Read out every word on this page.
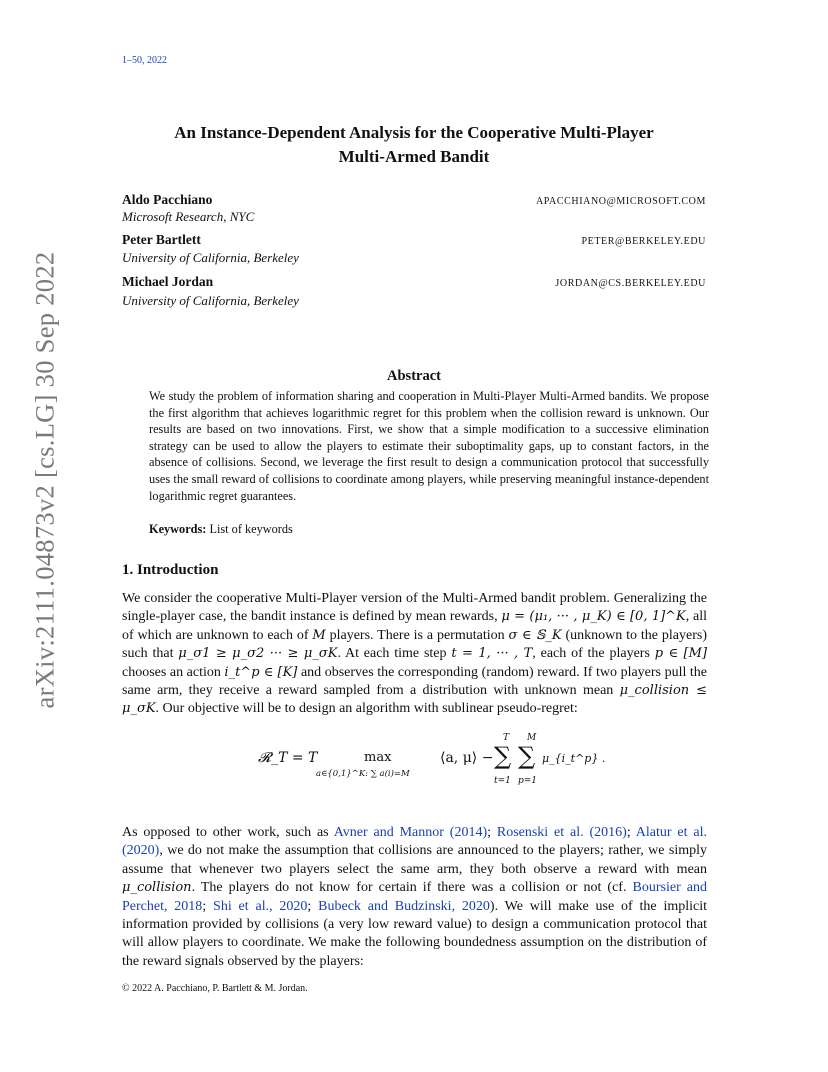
1–50, 2022
An Instance-Dependent Analysis for the Cooperative Multi-Player
Multi-Armed Bandit
Aldo Pacchiano
Microsoft Research, NYC
APACCHIANO@MICROSOFT.COM
Peter Bartlett
University of California, Berkeley
PETER@BERKELEY.EDU
Michael Jordan
University of California, Berkeley
JORDAN@CS.BERKELEY.EDU
arXiv:2111.04873v2 [cs.LG] 30 Sep 2022	Abstract
We study the problem of information sharing and cooperation in Multi-Player Multi-Armed bandits. We propose the first algorithm that achieves logarithmic regret for this problem when the collision reward is unknown. Our results are based on two innovations. First, we show that a simple modification to a successive elimination strategy can be used to allow the players to estimate their suboptimality gaps, up to constant factors, in the absence of collisions. Second, we leverage the first result to design a communication protocol that successfully uses the small reward of collisions to coordinate among players, while preserving meaningful instance-dependent logarithmic regret guarantees.
Keywords: List of keywords
1. Introduction
We consider the cooperative Multi-Player version of the Multi-Armed bandit problem. Generalizing the single-player case, the bandit instance is defined by mean rewards, μ = (μ₁, ··· , μ_K) ∈ [0, 1]^K, all of which are unknown to each of M players. There is a permutation σ ∈ 𝕊_K (unknown to the players) such that μ_σ1 ≥ μ_σ2 ··· ≥ μ_σK. At each time step t = 1, ··· , T, each of the players p ∈ [M] chooses an action i_t^p ∈ [K] and observes the corresponding (random) reward. If two players pull the same arm, they receive a reward sampled from a distribution with unknown mean μ_collision ≤ μ_σK. Our objective will be to design an algorithm with sublinear pseudo-regret:
𝓡_T = T	max
a∈{0,1}^K: ∑ a(i)=M
⟨a, μ⟩ −
T M
∑ ∑
t=1 p=1
μ_{i_t^p} .
As opposed to other work, such as Avner and Mannor (2014); Rosenski et al. (2016); Alatur et al. (2020), we do not make the assumption that collisions are announced to the players; rather, we simply assume that whenever two players select the same arm, they both observe a reward with mean μ_collision. The players do not know for certain if there was a collision or not (cf. Boursier and Perchet, 2018; Shi et al., 2020; Bubeck and Budzinski, 2020). We will make use of the implicit information provided by collisions (a very low reward value) to design a communication protocol that will allow players to coordinate. We make the following boundedness assumption on the distribution of the reward signals observed by the players:
© 2022 A. Pacchiano, P. Bartlett & M. Jordan.
